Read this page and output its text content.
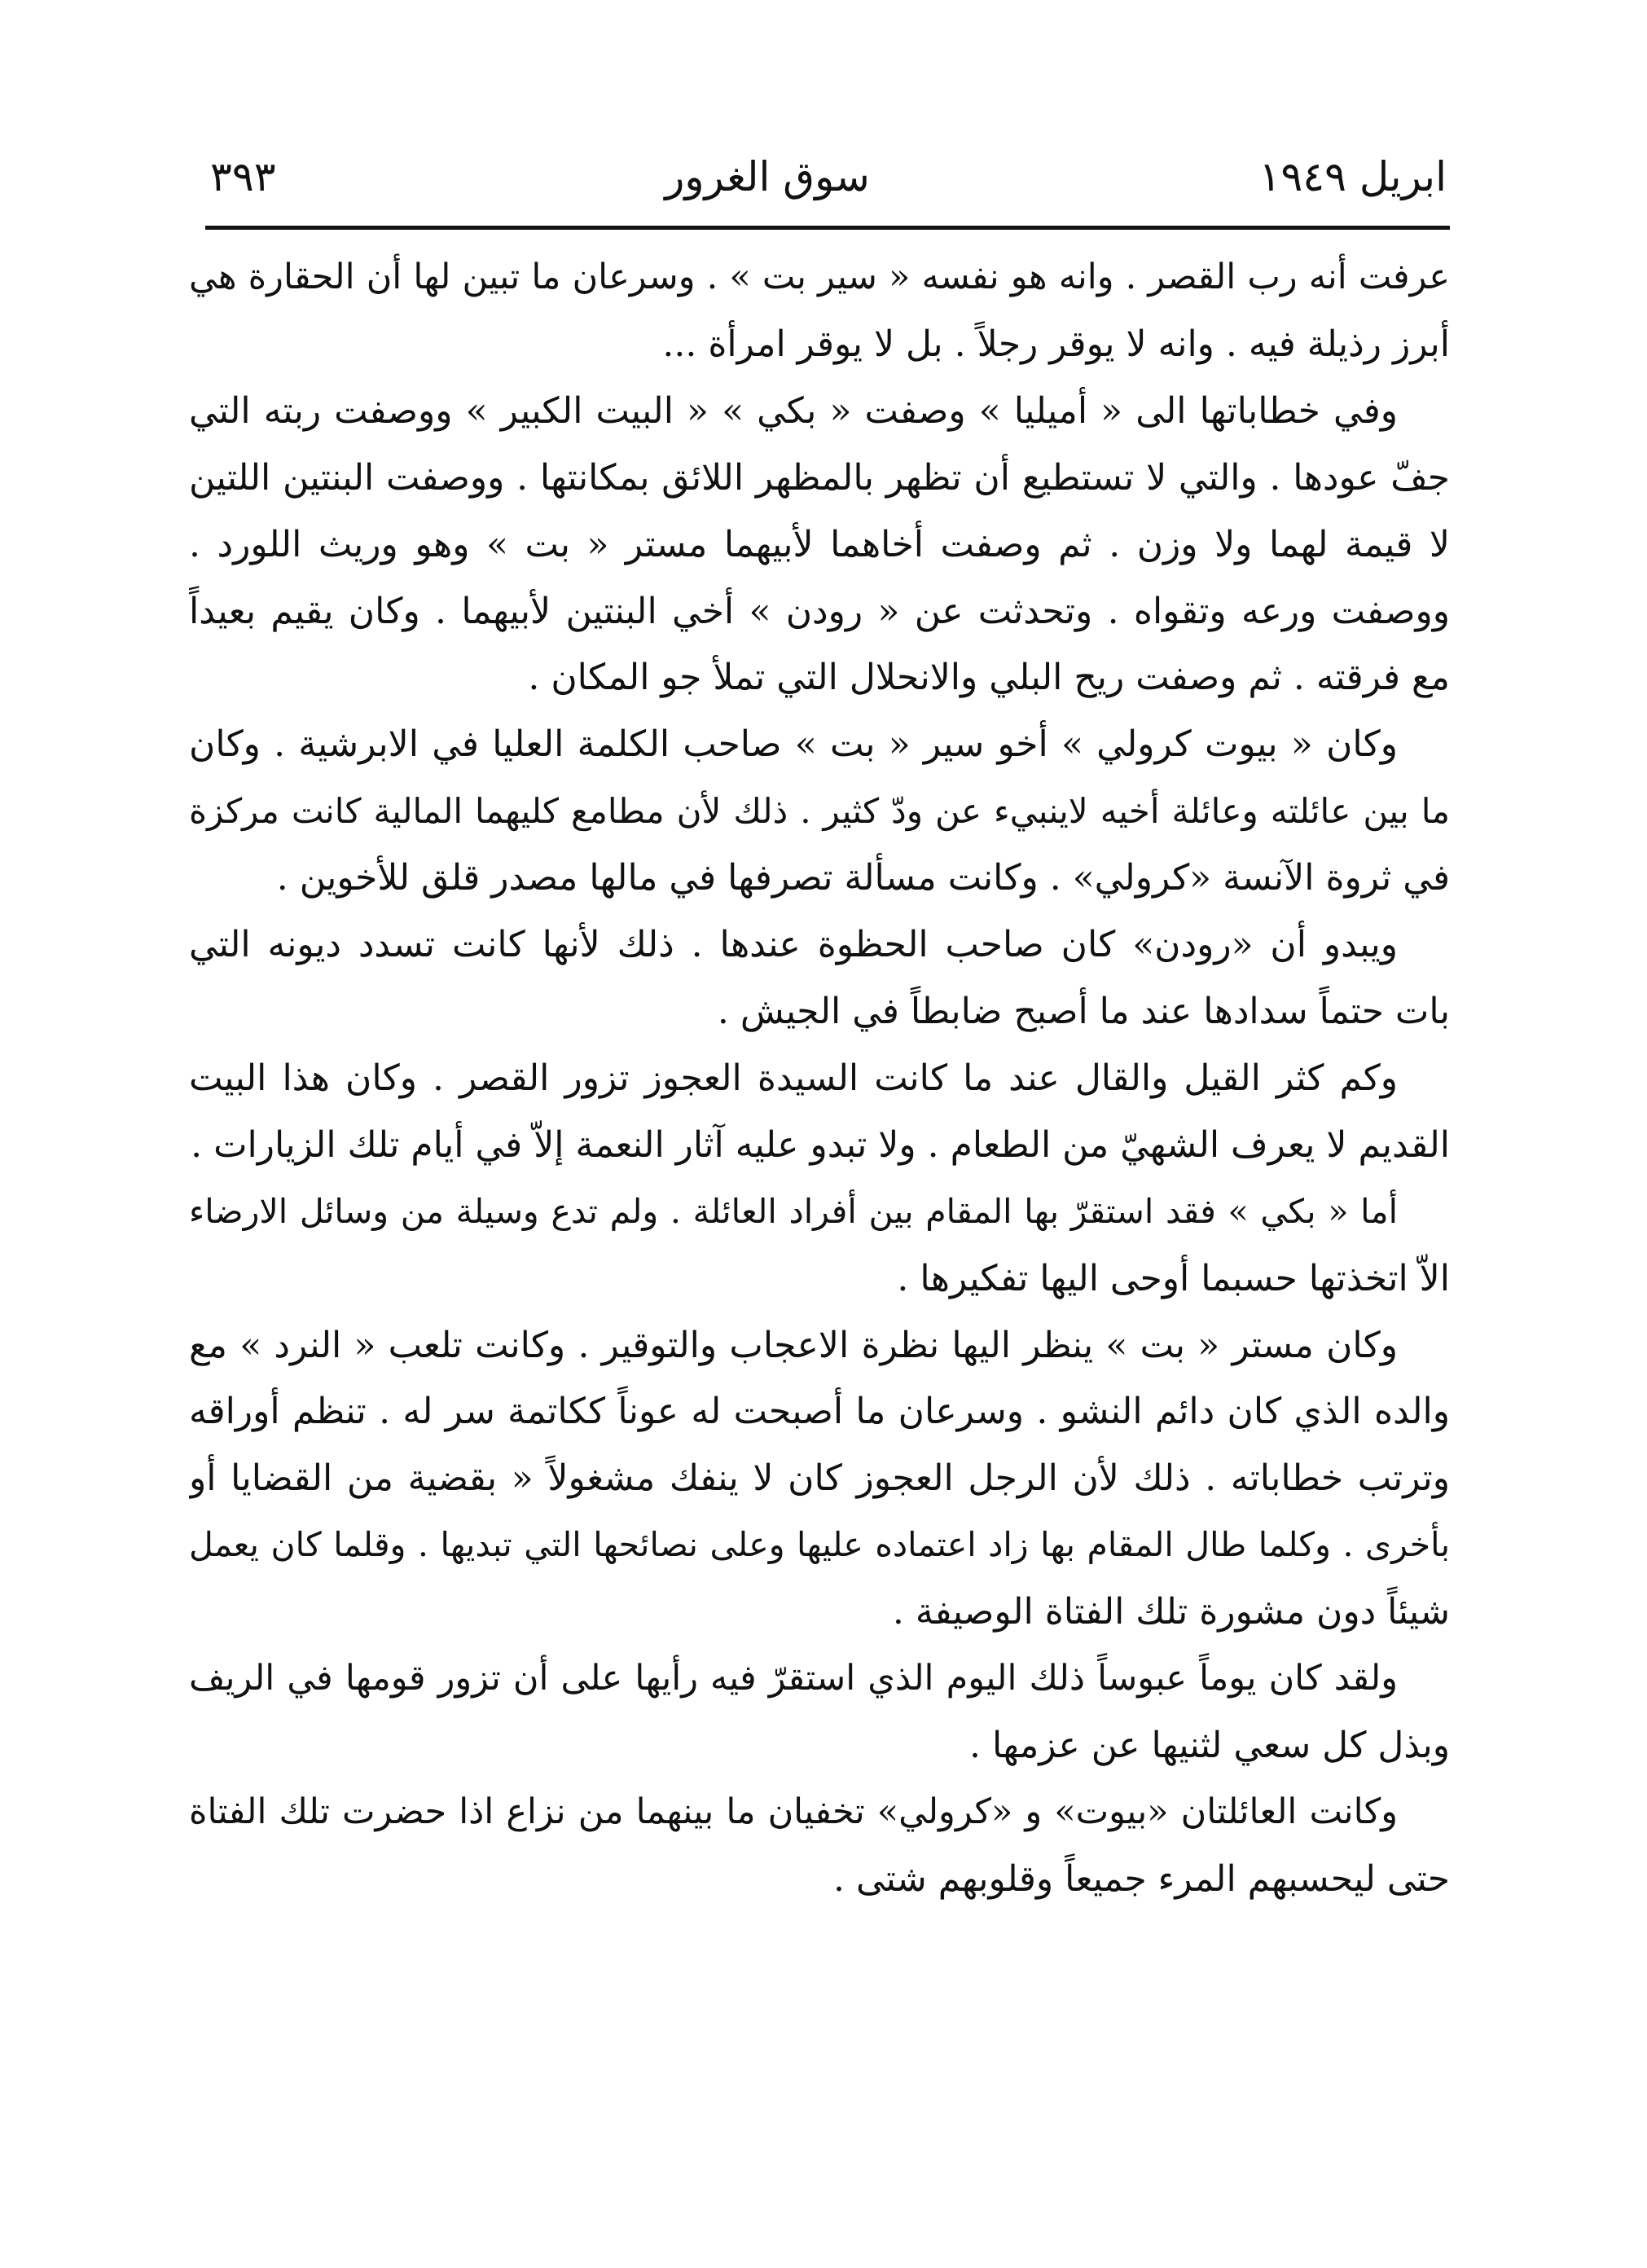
ابريل ١٩٤٩
سوق الغرور
٣٩٣

عرفت أنه رب القصر . وانه هو نفسه « سير بت » . وسرعان ما تبين لها أن الحقارة هي
أبرز رذيلة فيه . وانه لا يوقر رجلاً . بل لا يوقر امرأة ...

وفي خطاباتها الى « أميليا » وصفت « بكي » « البيت الكبير » ووصفت ربته التي
جفّ عودها . والتي لا تستطيع أن تظهر بالمظهر اللائق بمكانتها . ووصفت البنتين اللتين
لا قيمة لهما ولا وزن . ثم وصفت أخاهما لأبيهما مستر « بت » وهو وريث اللورد .
ووصفت ورعه وتقواه . وتحدثت عن « رودن » أخي البنتين لأبيهما . وكان يقيم بعيداً
مع فرقته . ثم وصفت ريح البلي والانحلال التي تملأ جو المكان .

وكان « بيوت كرولي » أخو سير « بت » صاحب الكلمة العليا في الابرشية . وكان
ما بين عائلته وعائلة أخيه لاينبيء عن ودّ كثير . ذلك لأن مطامع كليهما المالية كانت مركزة
في ثروة الآنسة «كرولي» . وكانت مسألة تصرفها في مالها مصدر قلق للأخوين .

ويبدو أن «رودن» كان صاحب الحظوة عندها . ذلك لأنها كانت تسدد ديونه التي
بات حتماً سدادها عند ما أصبح ضابطاً في الجيش .

وكم كثر القيل والقال عند ما كانت السيدة العجوز تزور القصر . وكان هذا البيت
القديم لا يعرف الشهيّ من الطعام . ولا تبدو عليه آثار النعمة إلاّ في أيام تلك الزيارات .

أما « بكي » فقد استقرّ بها المقام بين أفراد العائلة . ولم تدع وسيلة من وسائل الارضاء
الاّ اتخذتها حسبما أوحى اليها تفكيرها .

وكان مستر « بت » ينظر اليها نظرة الاعجاب والتوقير . وكانت تلعب « النرد » مع
والده الذي كان دائم النشو . وسرعان ما أصبحت له عوناً ككاتمة سر له . تنظم أوراقه
وترتب خطاباته . ذلك لأن الرجل العجوز كان لا ينفك مشغولاً « بقضية من القضايا أو
بأخرى . وكلما طال المقام بها زاد اعتماده عليها وعلى نصائحها التي تبديها . وقلما كان يعمل
شيئاً دون مشورة تلك الفتاة الوصيفة .

ولقد كان يوماً عبوساً ذلك اليوم الذي استقرّ فيه رأيها على أن تزور قومها في الريف
وبذل كل سعي لثنيها عن عزمها .

وكانت العائلتان «بيوت» و «كرولي» تخفيان ما بينهما من نزاع اذا حضرت تلك الفتاة
حتى ليحسبهم المرء جميعاً وقلوبهم شتى .
